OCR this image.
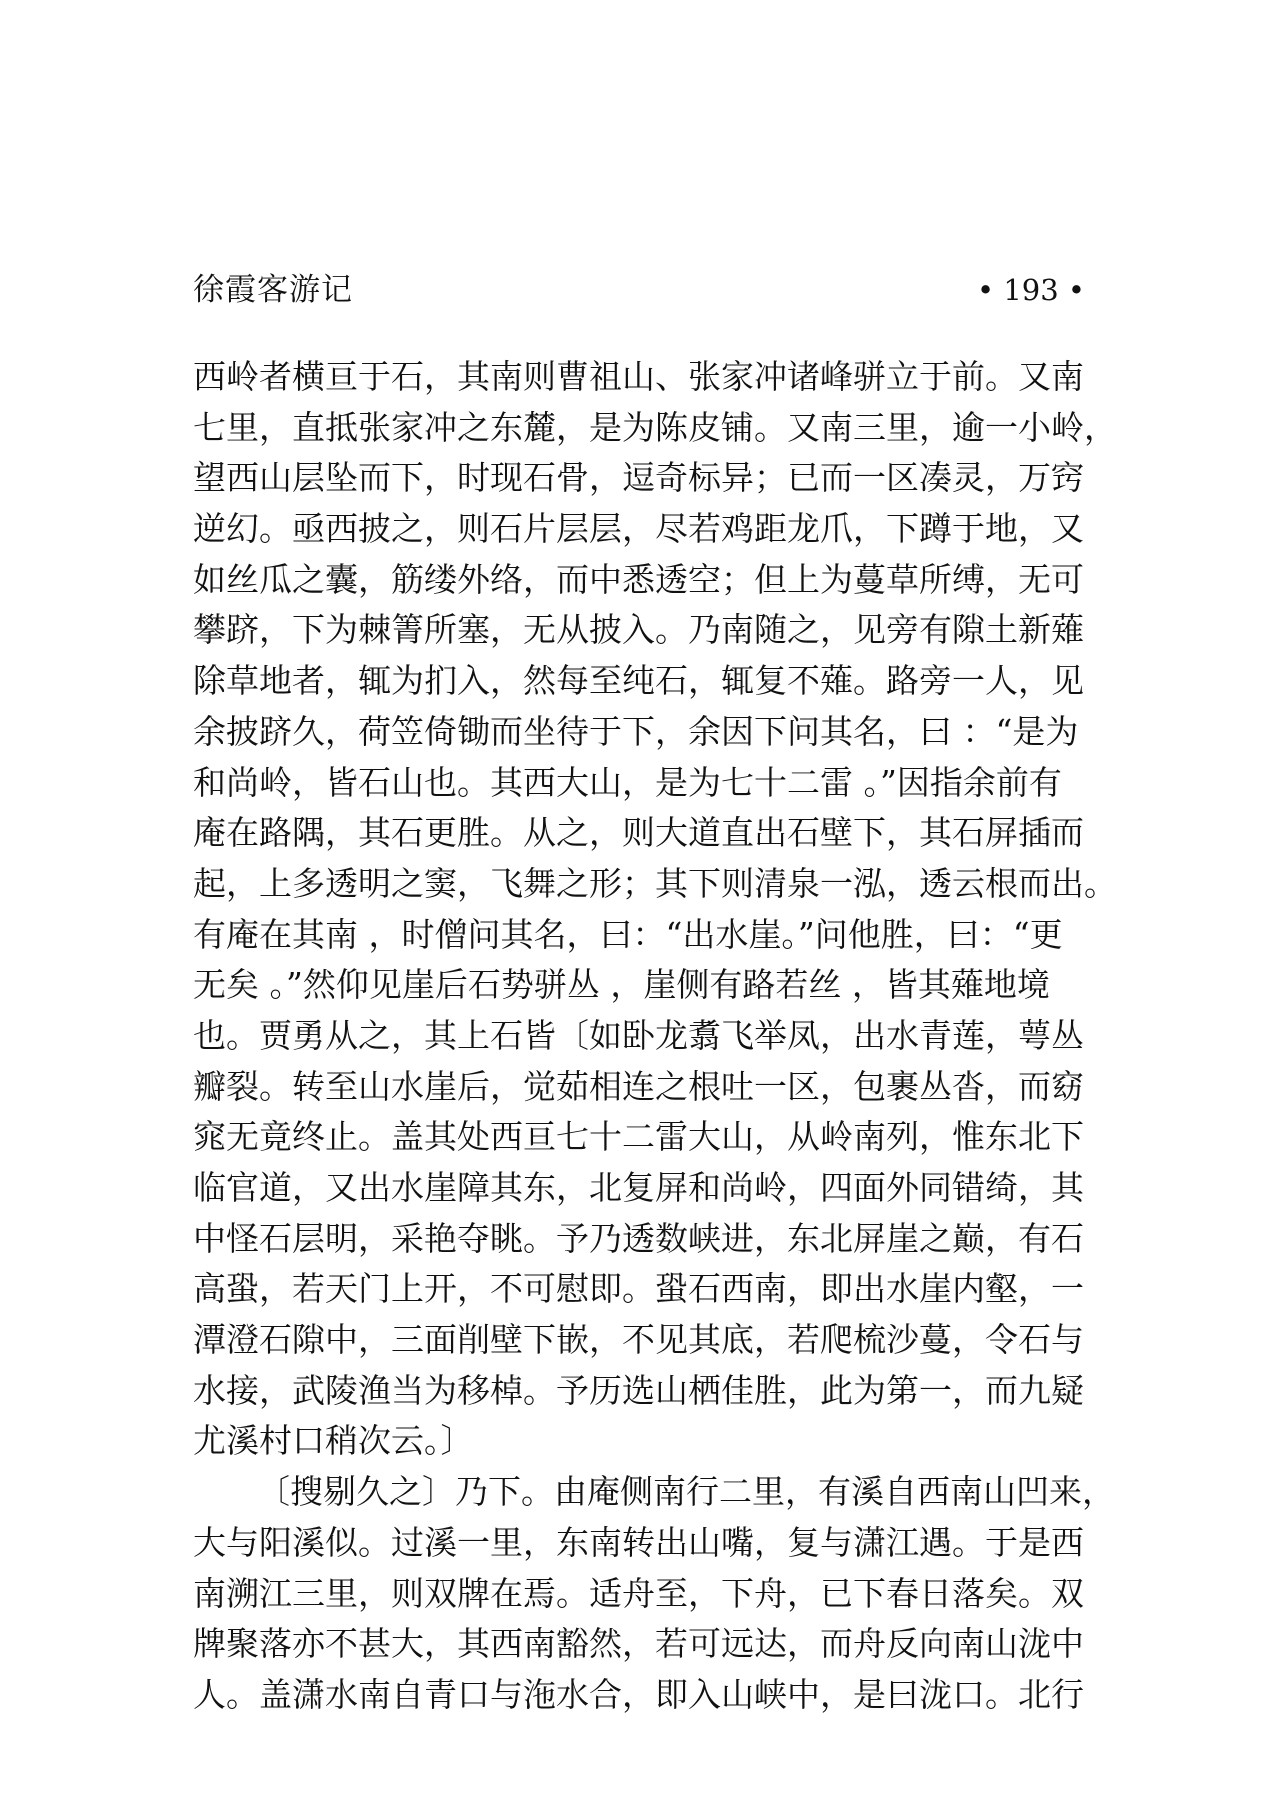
徐霞客游记	• 193 •
西岭者横亘于石，其南则曹祖山、张家冲诸峰骈立于前。又南
七里，直抵张家冲之东麓，是为陈皮铺。又南三里，逾一小岭，
望西山层坠而下，时现石骨，逗奇标异；已而一区凑灵，万窍
逆幻。亟西披之，则石片层层，尽若鸡距龙爪，下蹲于地，又
如丝瓜之囊，筋缕外络，而中悉透空；但上为蔓草所缚，无可
攀跻，下为棘箐所塞，无从披入。乃南随之，见旁有隙土新薙
除草地者，辄为扪入，然每至纯石，辄复不薙。路旁一人，见
余披跻久，荷笠倚锄而坐待于下，余因下问其名，曰 ：“是为
和尚岭，皆石山也。其西大山，是为七十二雷 。”因指余前有
庵在路隅，其石更胜。从之，则大道直出石壁下，其石屏插而
起，上多透明之窦，飞舞之形；其下则清泉一泓，透云根而出。
有庵在其南 ，时僧问其名，曰：“出水崖。”问他胜，曰：“更
无矣 。”然仰见崖后石势骈丛 ，崖侧有路若丝 ，皆其薙地境
也。贾勇从之，其上石皆〔如卧龙翥飞举凤，出水青莲，萼丛
瓣裂。转至山水崖后，觉茹相连之根吐一区，包裹丛沓，而窈
窕无竟终止。盖其处西亘七十二雷大山，从岭南列，惟东北下
临官道，又出水崖障其东，北复屏和尚岭，四面外同错绮，其
中怪石层明，采艳夺眺。予乃透数峡进，东北屏崖之巅，有石
高蛩，若天门上开，不可慰即。蛩石西南，即出水崖内壑，一
潭澄石隙中，三面削壁下嵌，不见其底，若爬梳沙蔓，令石与
水接，武陵渔当为移棹。予历选山栖佳胜，此为第一，而九疑
尤溪村口稍次云。〕
〔搜剔久之〕乃下。由庵侧南行二里，有溪自西南山凹来，
大与阳溪似。过溪一里，东南转出山嘴，复与潇江遇。于是西
南溯江三里，则双牌在焉。适舟至，下舟，已下春日落矣。双
牌聚落亦不甚大，其西南豁然，若可远达，而舟反向南山泷中
人。盖潇水南自青口与沲水合，即入山峡中，是曰泷口。北行
